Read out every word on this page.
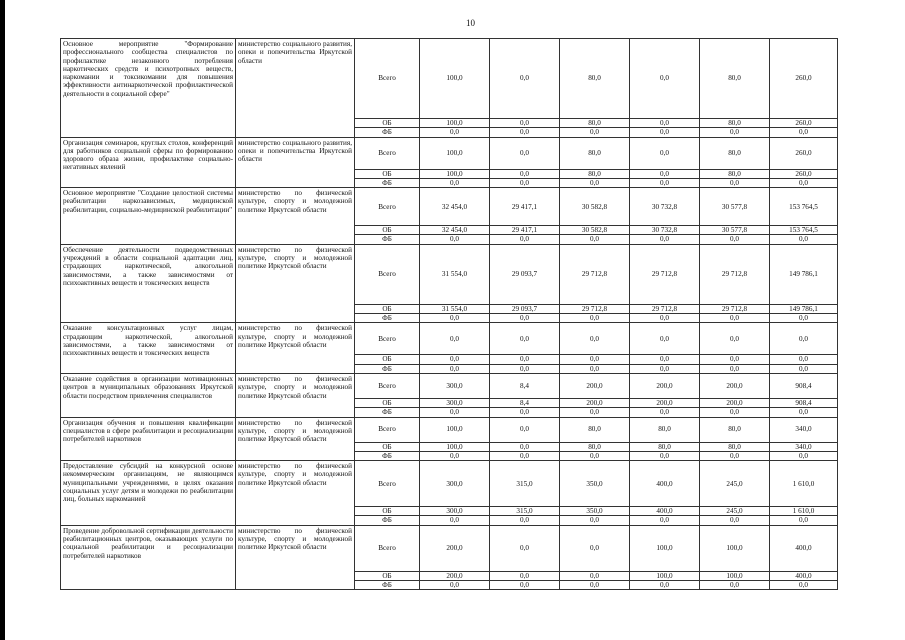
10
Основное мероприятие "Формирование профессионального сообщества специалистов по профилактике незаконного потребления наркотических средств и психотропных веществ, наркомании и токсикомании для повышения эффективности антинаркотической профилактической деятельности в социальной сфере"	министерство социального развития, опеки и попечительства Иркутской области	Всего	100,0	0,0	80,0	0,0	80,0	260,0
		ОБ	100,0	0,0	80,0	0,0	80,0	260,0
		ФБ	0,0	0,0	0,0	0,0	0,0	0,0
Организация семинаров, круглых столов, конференций для работников социальной сферы по формированию здорового образа жизни, профилактике социально-негативных явлений	министерство социального развития, опеки и попечительства Иркутской области	Всего	100,0	0,0	80,0	0,0	80,0	260,0
		ОБ	100,0	0,0	80,0	0,0	80,0	260,0
		ФБ	0,0	0,0	0,0	0,0	0,0	0,0
Основное мероприятие "Создание целостной системы реабилитации наркозависимых, медицинской реабилитации, социально-медицинской реабилитации"	министерство по физической культуре, спорту и молодежной политике Иркутской области	Всего	32 454,0	29 417,1	30 582,8	30 732,8	30 577,8	153 764,5
		ОБ	32 454,0	29 417,1	30 582,8	30 732,8	30 577,8	153 764,5
		ФБ	0,0	0,0	0,0	0,0	0,0	0,0
Обеспечение деятельности подведомственных учреждений в области социальной адаптации лиц, страдающих наркотической, алкогольной зависимостями, а также зависимостями от психоактивных веществ и токсических веществ	министерство по физической культуре, спорту и молодежной политике Иркутской области	Всего	31 554,0	29 093,7	29 712,8	29 712,8	29 712,8	149 786,1
		ОБ	31 554,0	29 093,7	29 712,8	29 712,8	29 712,8	149 786,1
		ФБ	0,0	0,0	0,0	0,0	0,0	0,0
Оказание консультационных услуг лицам, страдающим наркотической, алкогольной зависимостями, а также зависимостями от психоактивных веществ и токсических веществ	министерство по физической культуре, спорту и молодежной политике Иркутской области	Всего	0,0	0,0	0,0	0,0	0,0	0,0
		ОБ	0,0	0,0	0,0	0,0	0,0	0,0
		ФБ	0,0	0,0	0,0	0,0	0,0	0,0
Оказание содействия в организации мотивационных центров в муниципальных образованиях Иркутской области посредством привлечения специалистов	министерство по физической культуре, спорту и молодежной политике Иркутской области	Всего	300,0	8,4	200,0	200,0	200,0	908,4
		ОБ	300,0	8,4	200,0	200,0	200,0	908,4
		ФБ	0,0	0,0	0,0	0,0	0,0	0,0
Организация обучения и повышения квалификации специалистов в сфере реабилитации и ресоциализации потребителей наркотиков	министерство по физической культуре, спорту и молодежной политике Иркутской области	Всего	100,0	0,0	80,0	80,0	80,0	340,0
		ОБ	100,0	0,0	80,0	80,0	80,0	340,0
		ФБ	0,0	0,0	0,0	0,0	0,0	0,0
Предоставление субсидий на конкурсной основе некоммерческим организациям, не являющимся муниципальными учреждениями, в целях оказания социальных услуг детям и молодежи по реабилитации лиц, больных наркоманией	министерство по физической культуре, спорту и молодежной политике Иркутской области	Всего	300,0	315,0	350,0	400,0	245,0	1 610,0
		ОБ	300,0	315,0	350,0	400,0	245,0	1 610,0
		ФБ	0,0	0,0	0,0	0,0	0,0	0,0
Проведение добровольной сертификации деятельности реабилитационных центров, оказывающих услуги по социальной реабилитации и ресоциализации потребителей наркотиков	министерство по физической культуре, спорту и молодежной политике Иркутской области	Всего	200,0	0,0	0,0	100,0	100,0	400,0
		ОБ	200,0	0,0	0,0	100,0	100,0	400,0
		ФБ	0,0	0,0	0,0	0,0	0,0	0,0
